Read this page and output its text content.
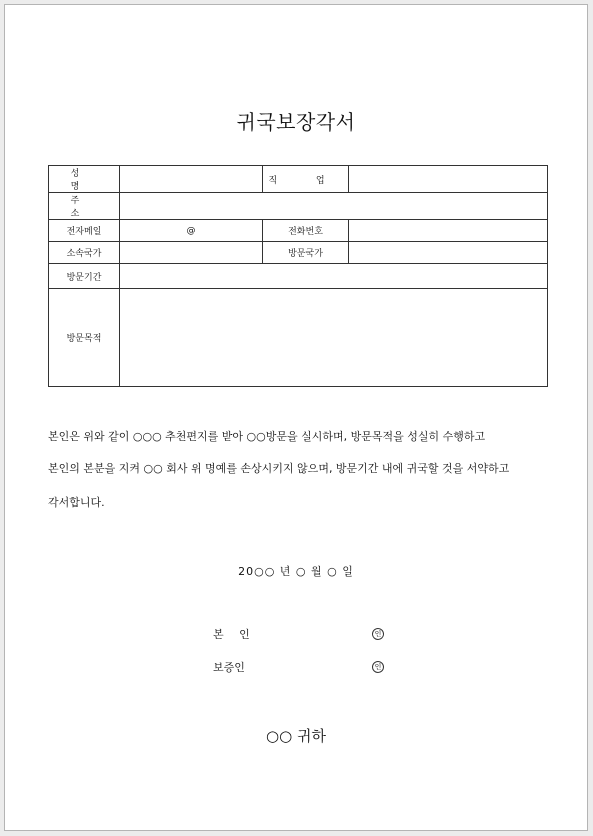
귀국보장각서
성 명		직 업	
주 소			
전자메일	@	전화번호	
소속국가		방문국가	
방문기간			
방문목적			
본인은 위와 같이 ○○○ 추천편지를 받아 ○○방문을 실시하며, 방문목적을 성실히 수행하고
본인의 본분을 지켜 ○○ 회사 위 명예를 손상시키지 않으며, 방문기간 내에 귀국할 것을 서약하고
각서합니다.
20○○ 년 ○ 월 ○ 일
본 인	인
보증인	인
○○ 귀하
